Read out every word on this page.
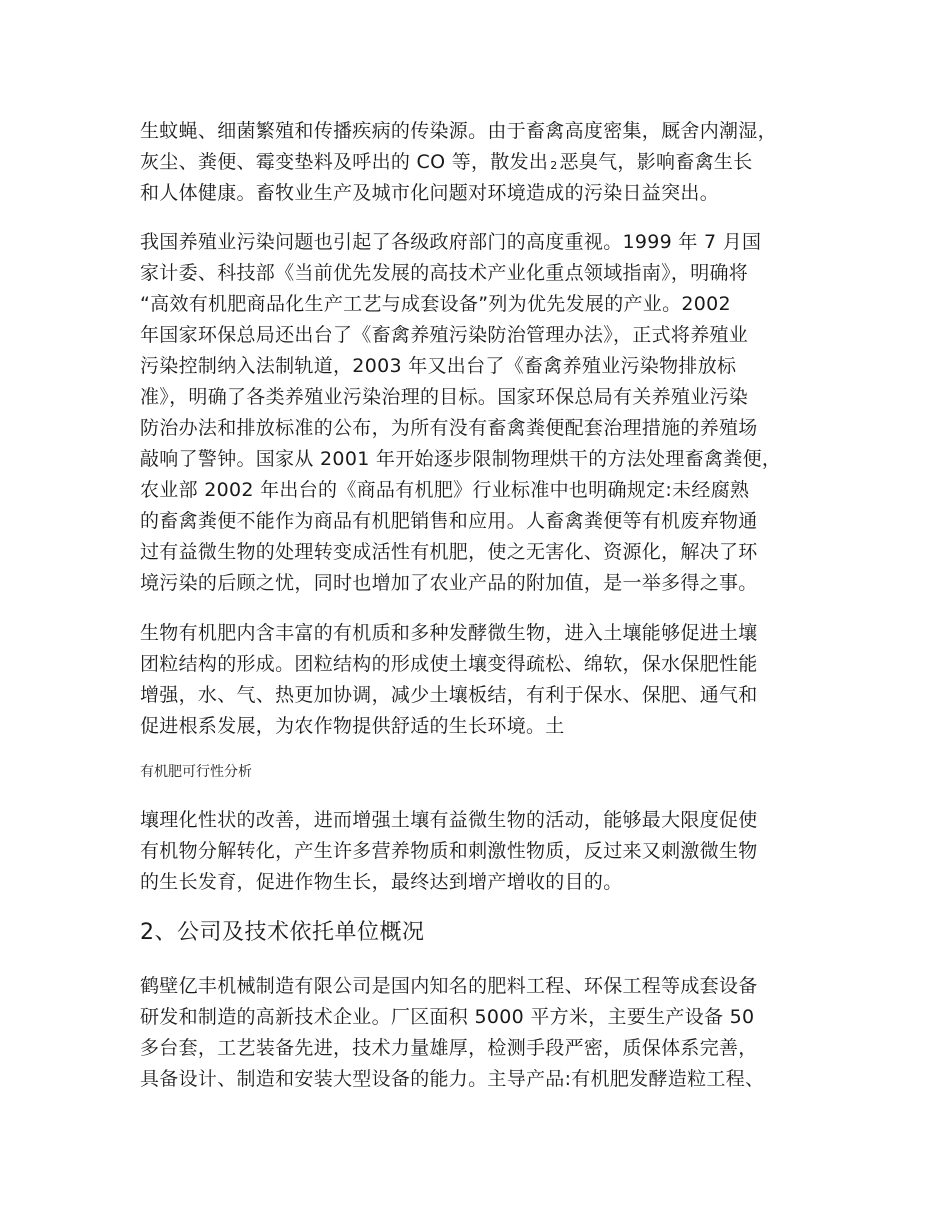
生蚊蝇、细菌繁殖和传播疾病的传染源。由于畜禽高度密集，厩舍内潮湿，
灰尘、粪便、霉变垫料及呼出的 CO 等，散发出 2 恶臭气，影响畜禽生长
和人体健康。畜牧业生产及城市化问题对环境造成的污染日益突出。
我国养殖业污染问题也引起了各级政府部门的高度重视。1999 年 7 月国
家计委、科技部《当前优先发展的高技术产业化重点领域指南》，明确将
“高效有机肥商品化生产工艺与成套设备”列为优先发展的产业。2002
年国家环保总局还出台了《畜禽养殖污染防治管理办法》，正式将养殖业
污染控制纳入法制轨道，2003 年又出台了《畜禽养殖业污染物排放标
准》，明确了各类养殖业污染治理的目标。国家环保总局有关养殖业污染
防治办法和排放标准的公布，为所有没有畜禽粪便配套治理措施的养殖场
敲响了警钟。国家从 2001 年开始逐步限制物理烘干的方法处理畜禽粪便，
农业部 2002 年出台的《商品有机肥》行业标准中也明确规定:未经腐熟
的畜禽粪便不能作为商品有机肥销售和应用。人畜禽粪便等有机废弃物通
过有益微生物的处理转变成活性有机肥，使之无害化、资源化，解决了环
境污染的后顾之忧，同时也增加了农业产品的附加值，是一举多得之事。
生物有机肥内含丰富的有机质和多种发酵微生物，进入土壤能够促进土壤
团粒结构的形成。团粒结构的形成使土壤变得疏松、绵软，保水保肥性能
增强，水、气、热更加协调，减少土壤板结，有利于保水、保肥、通气和
促进根系发展，为农作物提供舒适的生长环境。土
有机肥可行性分析
壤理化性状的改善，进而增强土壤有益微生物的活动，能够最大限度促使
有机物分解转化，产生许多营养物质和刺激性物质，反过来又刺激微生物
的生长发育，促进作物生长，最终达到增产增收的目的。
2、公司及技术依托单位概况
鹤壁亿丰机械制造有限公司是国内知名的肥料工程、环保工程等成套设备
研发和制造的高新技术企业。厂区面积 5000 平方米，主要生产设备 50
多台套，工艺装备先进，技术力量雄厚，检测手段严密，质保体系完善，
具备设计、制造和安装大型设备的能力。主导产品:有机肥发酵造粒工程、
